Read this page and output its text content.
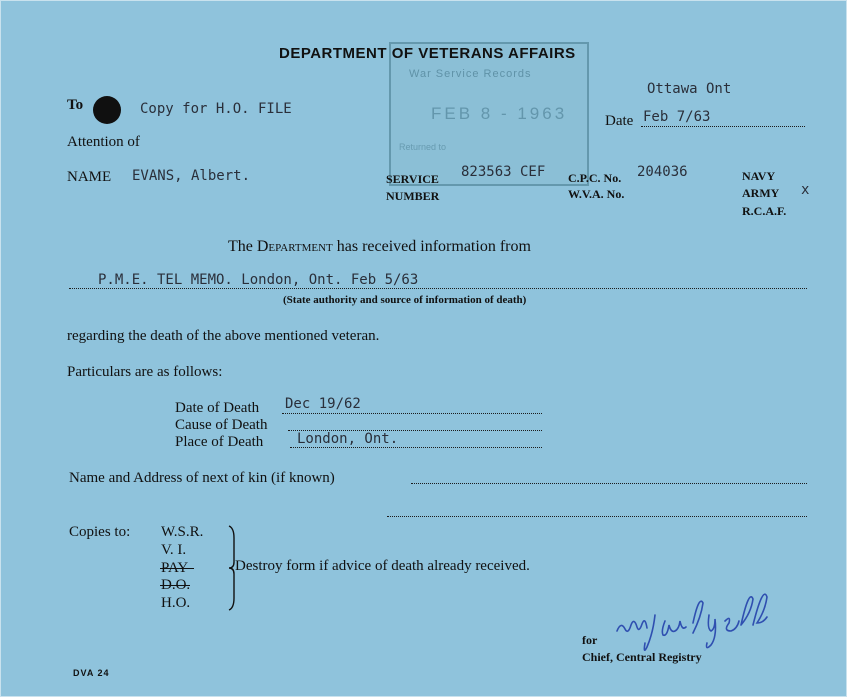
War Service Records
FEB 8 - 1963
Returned to
DEPARTMENT OF VETERANS AFFAIRS
Ottawa Ont
To	Copy for H.O. FILE
Date Feb 7/63
Attention of
NAME EVANS, Albert.	SERVICE
NUMBER
823563 CEF C.P.C. No. 204036
W.V.A. No.
NAVY
ARMY x
R.C.A.F.
The Department has received information from
P.M.E. TEL MEMO. London, Ont. Feb 5/63
(State authority and source of information of death)
regarding the death of the above mentioned veteran.
Particulars are as follows:
Date of Death Dec 19/62
Cause of Death
Place of Death London, Ont.
Name and Address of next of kin (if known)
Copies to: W.S.R.
V. I.
PAY
D.O.
H.O.
Destroy form if advice of death already received.
for
Chief, Central Registry
DVA 24
